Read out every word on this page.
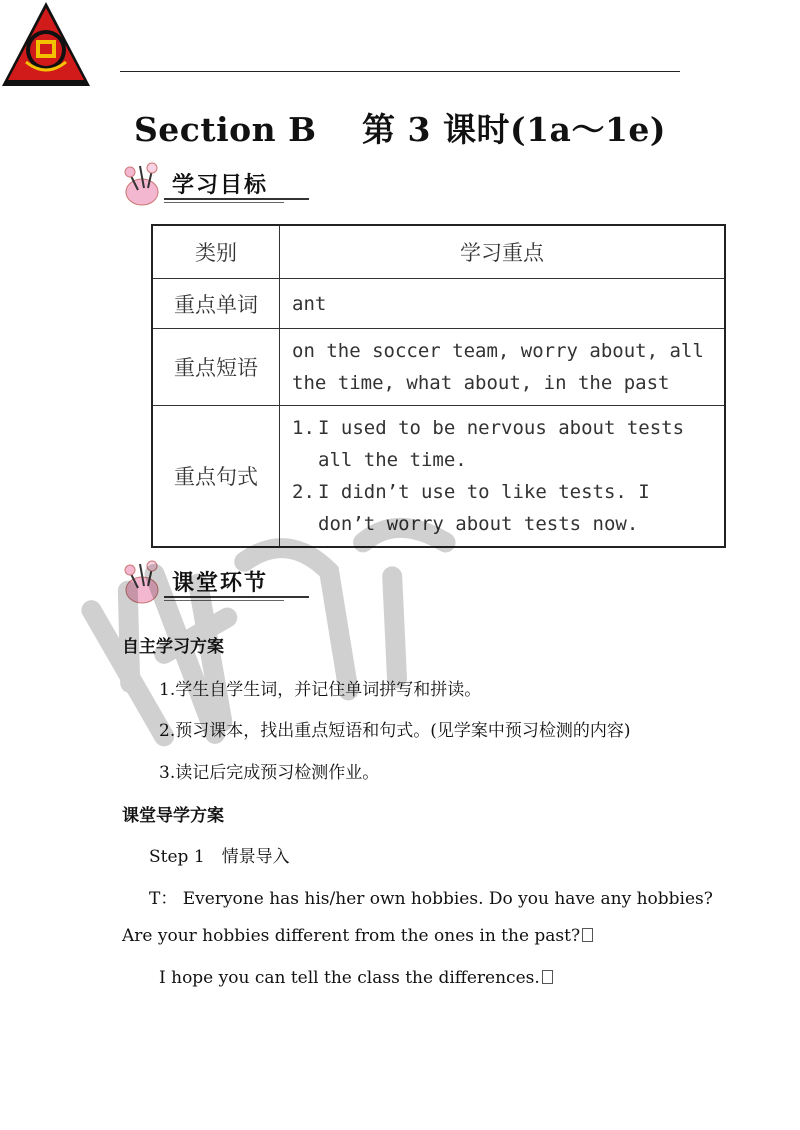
Section B　 第 3 课时(1a～1e)
学习目标
类别	学习重点
重点单词	ant
重点短语	on the soccer team, worry about, all the time, what about, in the past
重点句式	1. I used to be nervous about tests all the time.
2. I didn’t use to like tests. I don’t worry about tests now.
课堂环节
自主学习方案
1.学生自学生词，并记住单词拼写和拼读。
2.预习课本，找出重点短语和句式。(见学案中预习检测的内容)
3.读记后完成预习检测作业。
课堂导学方案
Step 1　情景导入
T： Everyone has his/her own hobbies. Do you have any hobbies?
Are your hobbies different from the ones in the past?
I hope you can tell the class the differences.
